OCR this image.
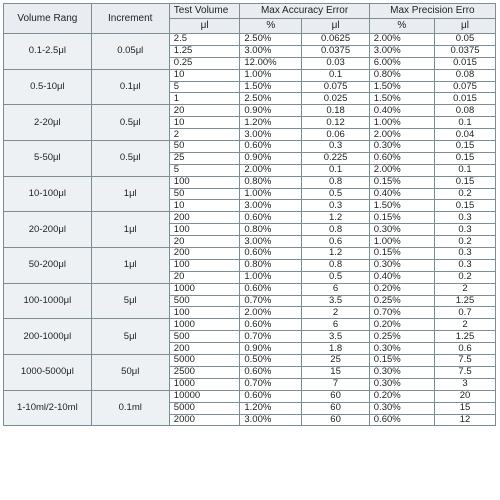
Volume Rang	Increment	Test Volume	Max Accuracy Error		Max Precision Erro	
		μl	%	μl	%	μl
0.1-2.5μl	0.05μl	2.5	2.50%	0.0625	2.00%	0.05
		1.25	3.00%	0.0375	3.00%	0.0375
		0.25	12.00%	0.03	6.00%	0.015
0.5-10μl	0.1μl	10	1.00%	0.1	0.80%	0.08
		5	1.50%	0.075	1.50%	0.075
		1	2.50%	0.025	1.50%	0.015
2-20μl	0.5μl	20	0.90%	0.18	0.40%	0.08
		10	1.20%	0.12	1.00%	0.1
		2	3.00%	0.06	2.00%	0.04
5-50μl	0.5μl	50	0.60%	0.3	0.30%	0.15
		25	0.90%	0.225	0.60%	0.15
		5	2.00%	0.1	2.00%	0.1
10-100μl	1μl	100	0.80%	0.8	0.15%	0.15
		50	1.00%	0.5	0.40%	0.2
		10	3.00%	0.3	1.50%	0.15
20-200μl	1μl	200	0.60%	1.2	0.15%	0.3
		100	0.80%	0.8	0.30%	0.3
		20	3.00%	0.6	1.00%	0.2
50-200μl	1μl	200	0.60%	1.2	0.15%	0.3
		100	0.80%	0.8	0.30%	0.3
		20	1.00%	0.5	0.40%	0.2
100-1000μl	5μl	1000	0.60%	6	0.20%	2
		500	0.70%	3.5	0.25%	1.25
		100	2.00%	2	0.70%	0.7
200-1000μl	5μl	1000	0.60%	6	0.20%	2
		500	0.70%	3.5	0.25%	1.25
		200	0.90%	1.8	0.30%	0.6
1000-5000μl	50μl	5000	0.50%	25	0.15%	7.5
		2500	0.60%	15	0.30%	7.5
		1000	0.70%	7	0.30%	3
1-10ml/2-10ml	0.1ml	10000	0.60%	60	0.20%	20
		5000	1.20%	60	0.30%	15
		2000	3.00%	60	0.60%	12
